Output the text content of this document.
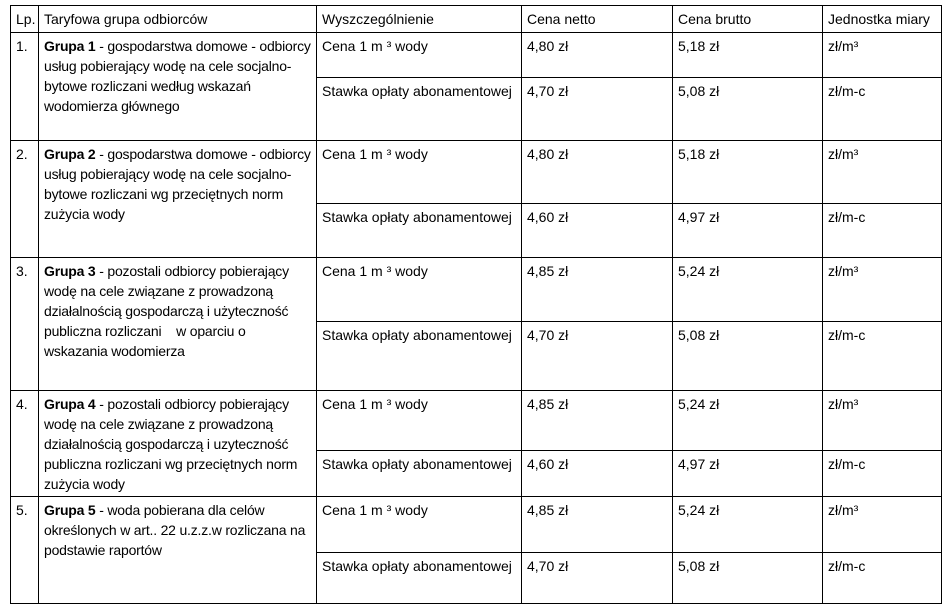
Lp.	Taryfowa grupa odbiorców	Wyszczególnienie	Cena netto	Cena brutto	Jednostka miary
1.	Grupa 1 - gospodarstwa domowe - odbiorcy usług pobierający wodę na cele socjalno-bytowe rozliczani według wskazań wodomierza głównego	Cena 1 m ³ wody	4,80 zł	5,18 zł	zł/m³
		Stawka opłaty abonamentowej	4,70 zł	5,08 zł	zł/m-c
2.	Grupa 2 - gospodarstwa domowe - odbiorcy usług pobierający wodę na cele socjalno-bytowe rozliczani wg przeciętnych norm zużycia wody	Cena 1 m ³ wody	4,80 zł	5,18 zł	zł/m³
		Stawka opłaty abonamentowej	4,60 zł	4,97 zł	zł/m-c
3.	Grupa 3 - pozostali odbiorcy pobierający wodę na cele związane z prowadzoną działalnością gospodarczą i użyteczność publiczna rozliczani    w oparciu o wskazania wodomierza	Cena 1 m ³ wody	4,85 zł	5,24 zł	zł/m³
		Stawka opłaty abonamentowej	4,70 zł	5,08 zł	zł/m-c
4.	Grupa 4 - pozostali odbiorcy pobierający wodę na cele związane z prowadzoną działalnością gospodarczą i uzyteczność publiczna rozliczani wg przeciętnych norm zużycia wody	Cena 1 m ³ wody	4,85 zł	5,24 zł	zł/m³
		Stawka opłaty abonamentowej	4,60 zł	4,97 zł	zł/m-c
5.	Grupa 5 - woda pobierana dla celów określonych w art.. 22 u.z.z.w rozliczana na podstawie raportów	Cena 1 m ³ wody	4,85 zł	5,24 zł	zł/m³
		Stawka opłaty abonamentowej	4,70 zł	5,08 zł	zł/m-c
